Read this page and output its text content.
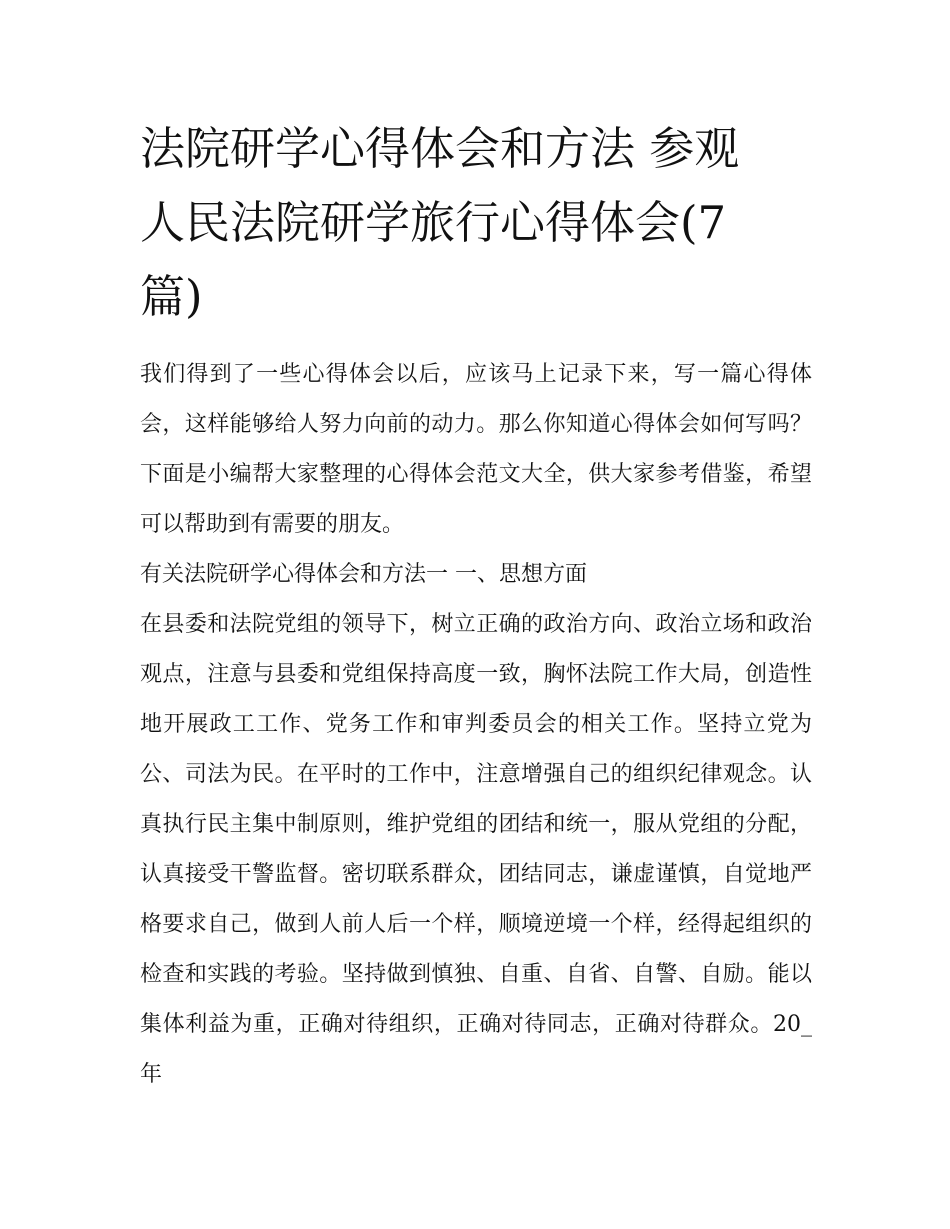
法院研学心得体会和方法 参观
人民法院研学旅行心得体会(7
篇)

我们得到了一些心得体会以后，应该马上记录下来，写一篇心得体会，这样能够给人努力向前的动力。那么你知道心得体会如何写吗？下面是小编帮大家整理的心得体会范文大全，供大家参考借鉴，希望可以帮助到有需要的朋友。

有关法院研学心得体会和方法一 一、思想方面

在县委和法院党组的领导下，树立正确的政治方向、政治立场和政治观点，注意与县委和党组保持高度一致，胸怀法院工作大局，创造性地开展政工工作、党务工作和审判委员会的相关工作。坚持立党为公、司法为民。在平时的工作中，注意增强自己的组织纪律观念。认真执行民主集中制原则，维护党组的团结和统一，服从党组的分配，认真接受干警监督。密切联系群众，团结同志，谦虚谨慎，自觉地严格要求自己，做到人前人后一个样，顺境逆境一个样，经得起组织的检查和实践的考验。坚持做到慎独、自重、自省、自警、自励。能以集体利益为重，正确对待组织，正确对待同志，正确对待群众。20_年
